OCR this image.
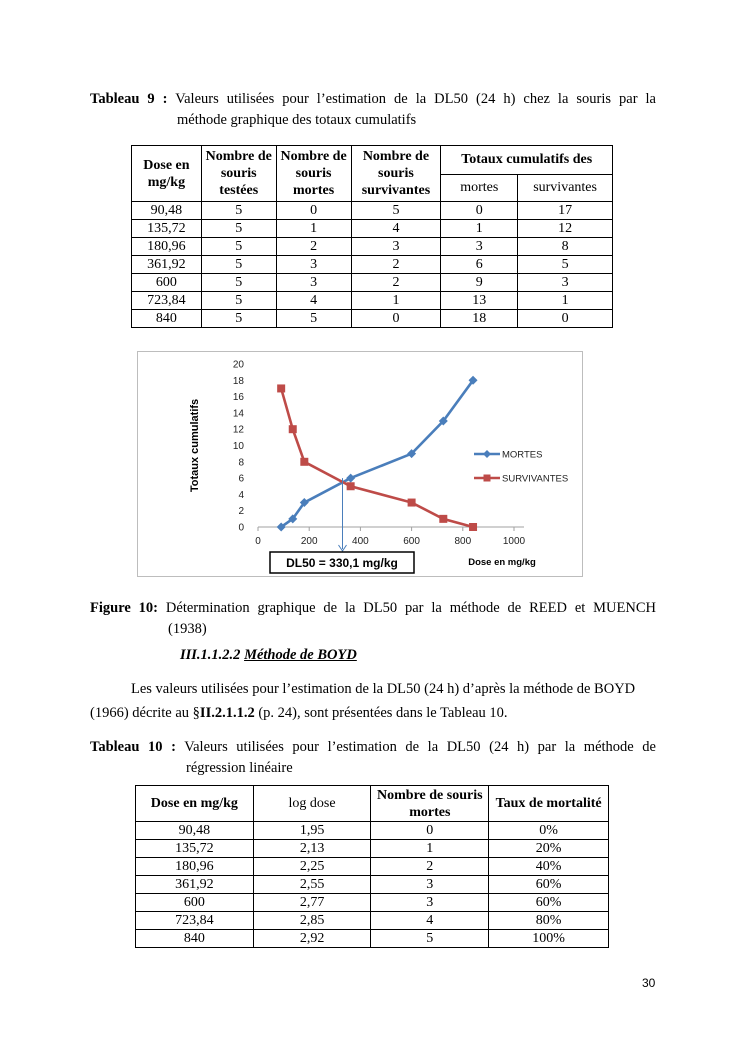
Tableau 9 : Valeurs utilisées pour l’estimation de la DL50 (24 h) chez la souris par la
méthode graphique des totaux cumulatifs
Dose en mg/kg	Nombre de souris testées	Nombre de souris mortes	Nombre de souris survivantes	Totaux cumulatifs des	
				mortes	survivantes
90,48	5	0	5	0	17
135,72	5	1	4	1	12
180,96	5	2	3	3	8
361,92	5	3	2	6	5
600	5	3	2	9	3
723,84	5	4	1	13	1
840	5	5	0	18	0
0
2
4
6
8
10
12
14
16
18
20
0	200	400	600	800	1000
Totaux cumulatifs
Dose en mg/kg
DL50 = 330,1 mg/kg
MORTES
SURVIVANTES
Figure 10: Détermination graphique de la DL50 par la méthode de REED et MUENCH
(1938)
III.1.1.2.2 Méthode de BOYD
Les valeurs utilisées pour l’estimation de la DL50 (24 h) d’après la méthode de BOYD
(1966) décrite au §II.2.1.1.2 (p. 24), sont présentées dans le Tableau 10.
Tableau 10 : Valeurs utilisées pour l’estimation de la DL50 (24 h) par la méthode de
régression linéaire
Dose en mg/kg	log dose	Nombre de souris mortes	Taux de mortalité
90,48	1,95	0	0%
135,72	2,13	1	20%
180,96	2,25	2	40%
361,92	2,55	3	60%
600	2,77	3	60%
723,84	2,85	4	80%
840	2,92	5	100%
30
